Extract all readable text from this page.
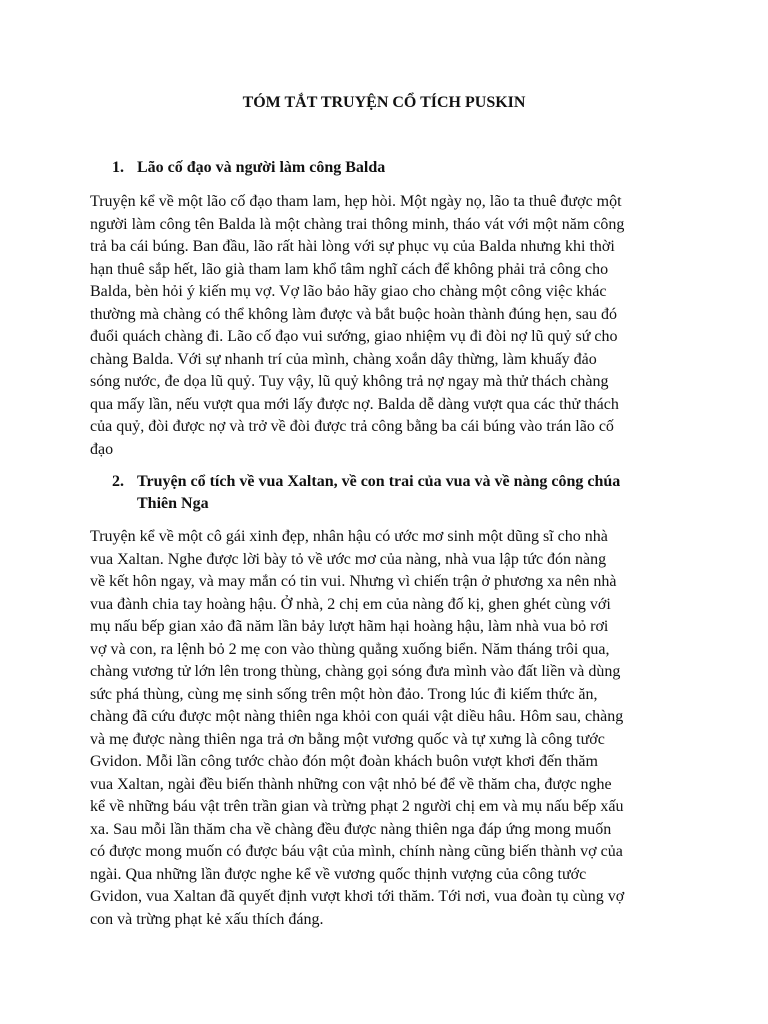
TÓM TẮT TRUYỆN CỔ TÍCH PUSKIN
1. Lão cố đạo và người làm công Balda
Truyện kể về một lão cố đạo tham lam, hẹp hòi. Một ngày nọ, lão ta thuê được một
người làm công tên Balda là một chàng trai thông minh, tháo vát với một năm công
trả ba cái búng. Ban đầu, lão rất hài lòng với sự phục vụ của Balda nhưng khi thời
hạn thuê sắp hết, lão già tham lam khổ tâm nghĩ cách để không phải trả công cho
Balda, bèn hỏi ý kiến mụ vợ. Vợ lão bảo hãy giao cho chàng một công việc khác
thường mà chàng có thể không làm được và bắt buộc hoàn thành đúng hẹn, sau đó
đuổi quách chàng đi. Lão cố đạo vui sướng, giao nhiệm vụ đi đòi nợ lũ quỷ sứ cho
chàng Balda. Với sự nhanh trí của mình, chàng xoắn dây thừng, làm khuấy đảo
sóng nước, đe dọa lũ quỷ. Tuy vậy, lũ quỷ không trả nợ ngay mà thử thách chàng
qua mấy lần, nếu vượt qua mới lấy được nợ. Balda dễ dàng vượt qua các thử thách
của quỷ, đòi được nợ và trở về đòi được trả công bằng ba cái búng vào trán lão cố
đạo
2. Truyện cổ tích về vua Xaltan, về con trai của vua và về nàng công chúa
Thiên Nga
Truyện kể về một cô gái xinh đẹp, nhân hậu có ước mơ sinh một dũng sĩ cho nhà
vua Xaltan. Nghe được lời bày tỏ về ước mơ của nàng, nhà vua lập tức đón nàng
về kết hôn ngay, và may mắn có tin vui. Nhưng vì chiến trận ở phương xa nên nhà
vua đành chia tay hoàng hậu. Ở nhà, 2 chị em của nàng đố kị, ghen ghét cùng với
mụ nấu bếp gian xảo đã năm lần bảy lượt hãm hại hoàng hậu, làm nhà vua bỏ rơi
vợ và con, ra lệnh bỏ 2 mẹ con vào thùng quẳng xuống biển. Năm tháng trôi qua,
chàng vương tử lớn lên trong thùng, chàng gọi sóng đưa mình vào đất liền và dùng
sức phá thùng, cùng mẹ sinh sống trên một hòn đảo. Trong lúc đi kiếm thức ăn,
chàng đã cứu được một nàng thiên nga khỏi con quái vật diều hâu. Hôm sau, chàng
và mẹ được nàng thiên nga trả ơn bằng một vương quốc và tự xưng là công tước
Gvidon. Mỗi lần công tước chào đón một đoàn khách buôn vượt khơi đến thăm
vua Xaltan, ngài đều biến thành những con vật nhỏ bé để về thăm cha, được nghe
kể về những báu vật trên trần gian và trừng phạt 2 người chị em và mụ nấu bếp xấu
xa. Sau mỗi lần thăm cha về chàng đều được nàng thiên nga đáp ứng mong muốn
có được mong muốn có được báu vật của mình, chính nàng cũng biến thành vợ của
ngài. Qua những lần được nghe kể về vương quốc thịnh vượng của công tước
Gvidon, vua Xaltan đã quyết định vượt khơi tới thăm. Tới nơi, vua đoàn tụ cùng vợ
con và trừng phạt kẻ xấu thích đáng.
